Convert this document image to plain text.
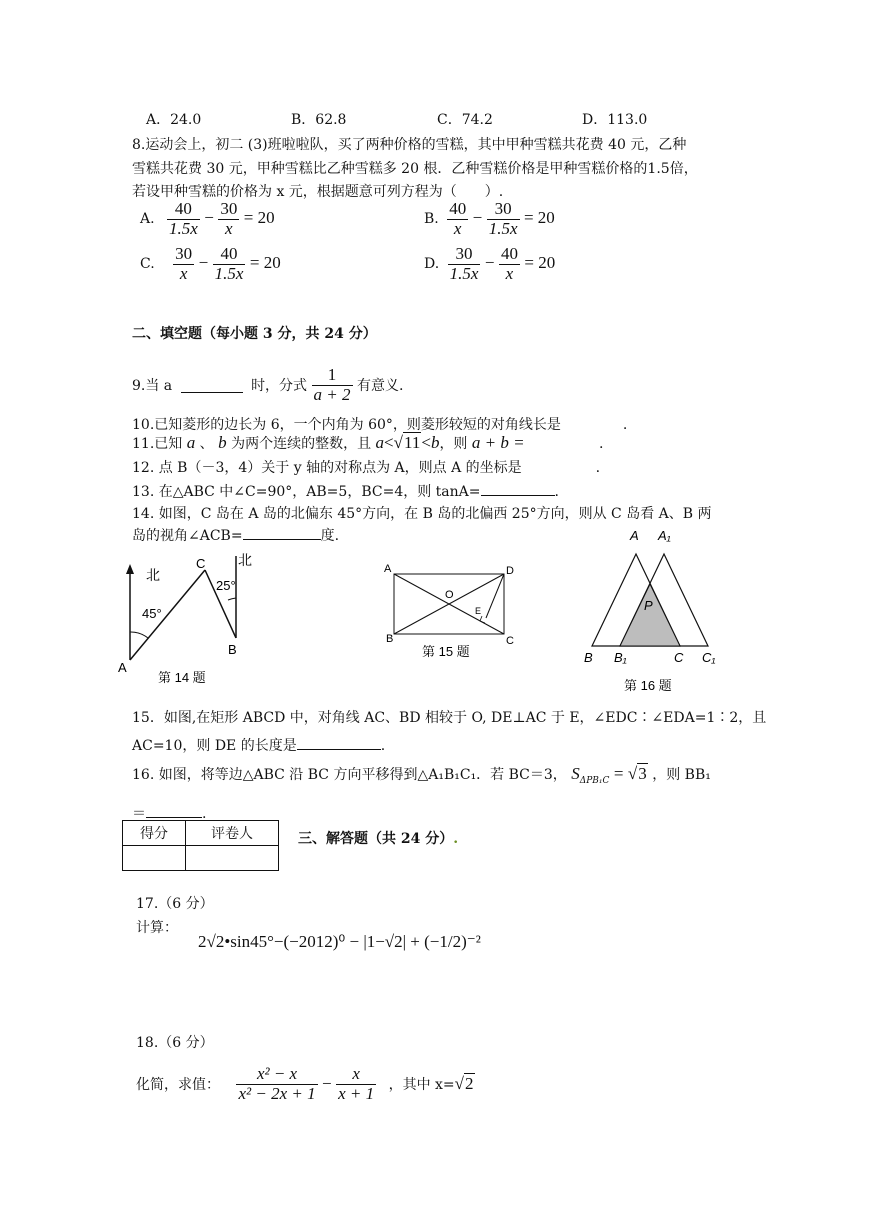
A．24.0	B．62.8	C．74.2	D．113.0
8.运动会上，初二 (3)班啦啦队，买了两种价格的雪糕，其中甲种雪糕共花费 40 元，乙种
雪糕共花费 30 元，甲种雪糕比乙种雪糕多 20 根．乙种雪糕价格是甲种雪糕价格的1.5倍，
若设甲种雪糕的价格为 x 元，根据题意可列方程为（　　）.
A. $\frac{40}{1.5x} - \frac{30}{x} = 20$	B. $\frac{40}{x} - \frac{30}{1.5x} = 20$
C. $\frac{30}{x} - \frac{40}{1.5x} = 20$	D. $\frac{30}{1.5x} - \frac{40}{x} = 20$
二、填空题（每小题 3 分，共 24 分）
9.当 a	时，分式 $\frac{1}{a + 2}$ 有意义.
10.已知菱形的边长为 6，一个内角为 60°，则菱形较短的对角线长是	.
11.已知 a 、 b 为两个连续的整数，且 a<√11<b，则 a + b =	.
12. 点 B（－3，4）关于 y 轴的对称点为 A，则点 A 的坐标是	.
13. 在△ABC 中∠C=90°，AB=5，BC=4，则 tanA=	.
14. 如图，C 岛在 A 岛的北偏东 45°方向，在 B 岛的北偏西 25°方向，则从 C 岛看 A、B 两
岛的视角∠ACB=	度.
北
北
45°
25°
A
B
C
第 14 题
A	D
B	C
O
E
第 15 题
A A₁
P
B B₁	C C₁
第 16 题
15．如图,在矩形 ABCD 中，对角线 AC、BD 相较于 O, DE⊥AC 于 E，∠EDC∶∠EDA=1∶2，且
AC=10，则 DE 的长度是	.
16. 如图，将等边△ABC 沿 BC 方向平移得到△A₁B₁C₁．若 BC＝3， $S_{\Delta PB_1C} = √3$ ，则 BB₁
＝	.
得分	评卷人
		三、解答题（共 24 分）.
17.（6 分）
计算：
2√2•sin45°−(−2012)⁰ − |1−√2| + (−1/2)⁻²
18.（6 分）
化简，求值： $\frac{\text{x² − x}}{\text{x² − 2x + 1}} - \frac{x}{x + 1}$ ，其中 x=√2
